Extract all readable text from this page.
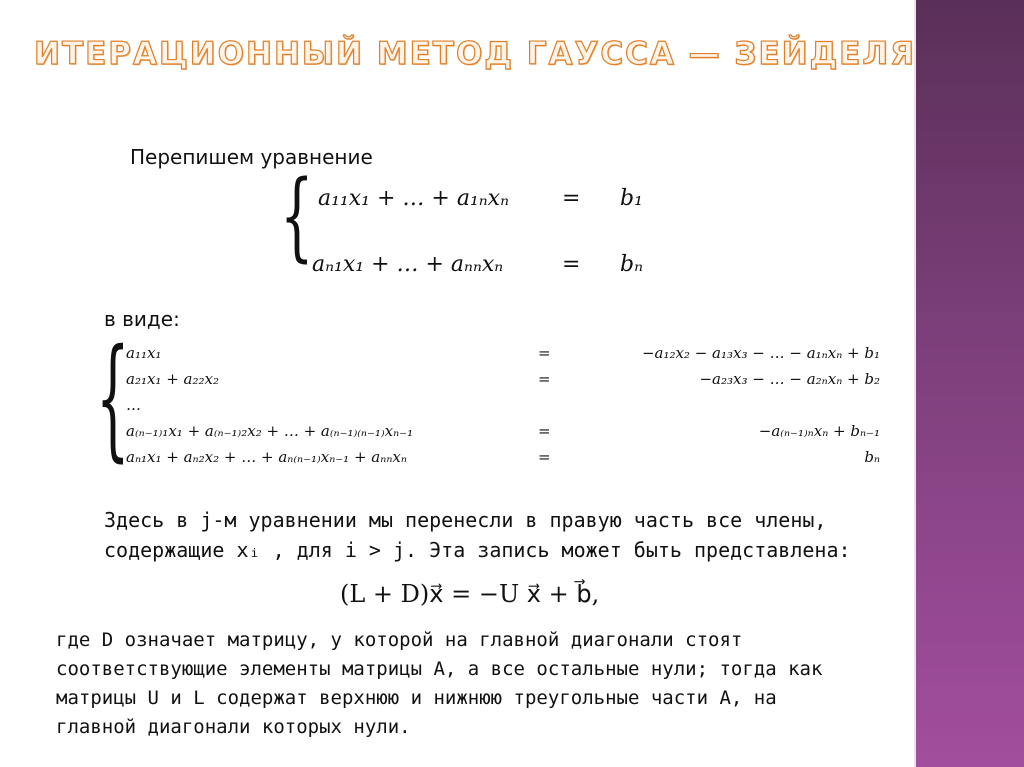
ИТЕРАЦИОННЫЙ МЕТОД ГАУССА — ЗЕЙДЕЛЯ
Перепишем уравнение
{ a₁₁x₁ + … + a₁ₙxₙ = b₁
aₙ₁x₁ + … + aₙₙxₙ	= bₙ
в виде:
{
a₁₁x₁	=	−a₁₂x₂ − a₁₃x₃ − … − a₁ₙxₙ + b₁
a₂₁x₁ + a₂₂x₂	=	−a₂₃x₃ − … − a₂ₙxₙ + b₂
…
a₍ₙ₋₁₎₁x₁ + a₍ₙ₋₁₎₂x₂ + … + a₍ₙ₋₁₎₍ₙ₋₁₎xₙ₋₁	=	−a₍ₙ₋₁₎ₙxₙ + bₙ₋₁
aₙ₁x₁ + aₙ₂x₂ + … + aₙ₍ₙ₋₁₎xₙ₋₁ + aₙₙxₙ	=	bₙ
Здесь в j-м уравнении мы перенесли в правую часть все члены,
содержащие xᵢ , для i > j. Эта запись может быть представлена:
(L + D)x⃗ = −U x⃗ + b⃗,
где D означает матрицу, у которой на главной диагонали стоят
соответствующие элементы матрицы A, а все остальные нули; тогда как
матрицы U и L содержат верхнюю и нижнюю треугольные части A, на
главной диагонали которых нули.
